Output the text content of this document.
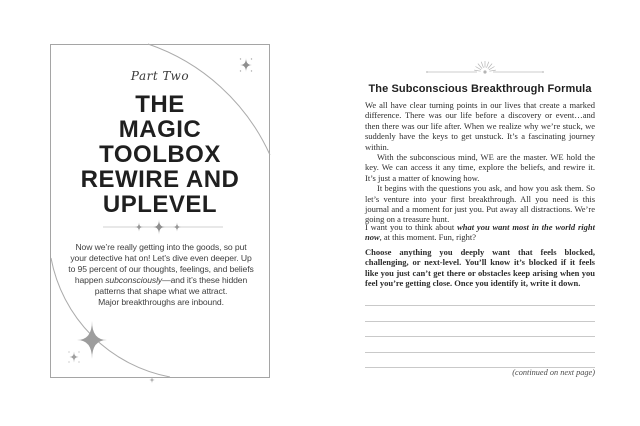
Part Two
THE
MAGIC
TOOLBOX
REWIRE AND
UPLEVEL
Now we’re really getting into the goods, so put
your detective hat on! Let’s dive even deeper. Up
to 95 percent of our thoughts, feelings, and beliefs
happen subconsciously—and it’s these hidden
patterns that shape what we attract.
Major breakthroughs are inbound.
The Subconscious Breakthrough Formula

We all have clear turning points in our lives that create a marked difference. There was our life before a discovery or event…and then there was our life after. When we realize why we’re stuck, we suddenly have the keys to get unstuck. It’s a fascinating journey within.

With the subconscious mind, WE are the master. WE hold the key. We can access it any time, explore the beliefs, and rewire it. It’s just a matter of knowing how.

It begins with the questions you ask, and how you ask them. So let’s venture into your first breakthrough. All you need is this journal and a moment for just you. Put away all distractions. We’re going on a treasure hunt.

I want you to think about what you want most in the world right now, at this moment. Fun, right?

Choose anything you deeply want that feels blocked, challenging, or next-level. You’ll know it’s blocked if it feels like you just can’t get there or obstacles keep arising when you feel you’re getting close. Once you identify it, write it down.

(continued on next page)
